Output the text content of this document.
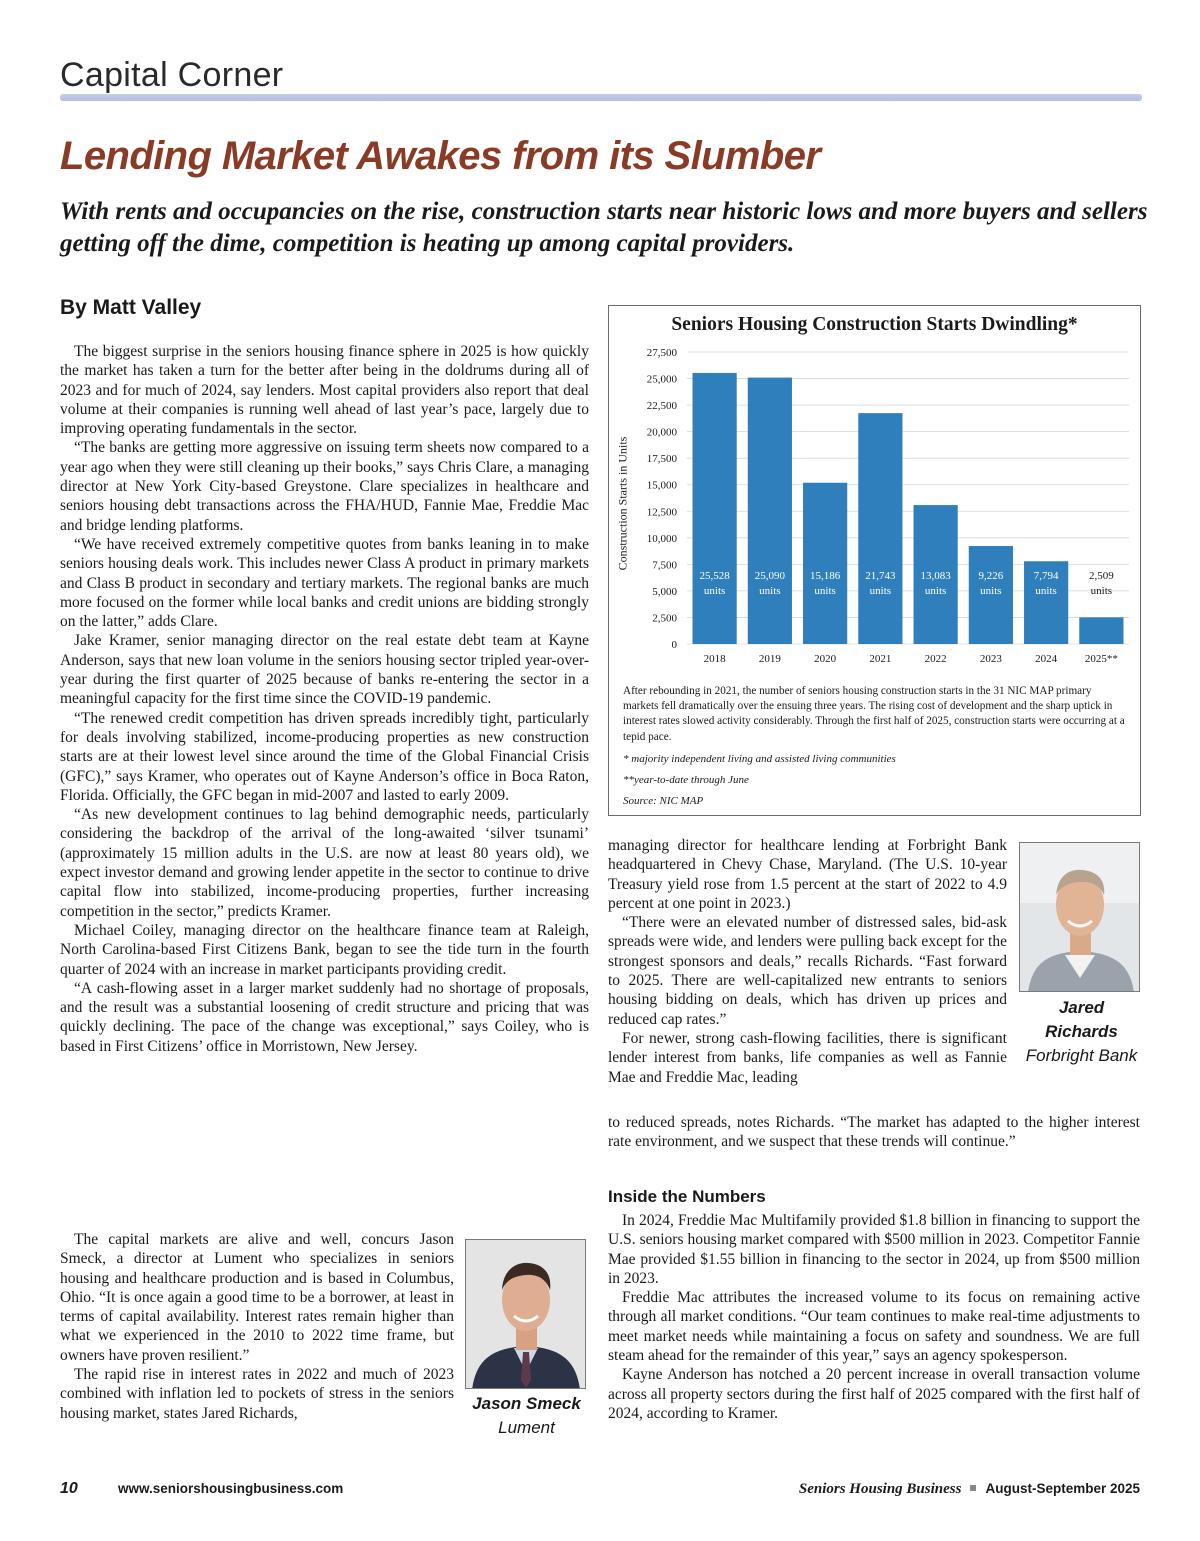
Capital Corner
Lending Market Awakes from its Slumber
With rents and occupancies on the rise, construction starts near historic lows and more buyers and sellers getting off the dime, competition is heating up among capital providers.
By Matt Valley

The biggest surprise in the seniors housing finance sphere in 2025 is how quickly the market has taken a turn for the better after being in the doldrums during all of 2023 and for much of 2024, say lenders. Most capital providers also report that deal volume at their companies is running well ahead of last year’s pace, largely due to improving operating fundamentals in the sector.

“The banks are getting more aggressive on issuing term sheets now compared to a year ago when they were still cleaning up their books,” says Chris Clare, a managing director at New York City-based Greystone. Clare specializes in healthcare and seniors housing debt transactions across the FHA/HUD, Fannie Mae, Freddie Mac and bridge lending platforms.

“We have received extremely competitive quotes from banks leaning in to make seniors housing deals work. This includes newer Class A product in primary markets and Class B product in secondary and tertiary markets. The regional banks are much more focused on the former while local banks and credit unions are bidding strongly on the latter,” adds Clare.

Jake Kramer, senior managing director on the real estate debt team at Kayne Anderson, says that new loan volume in the seniors housing sector tripled year-over-year during the first quarter of 2025 because of banks re-entering the sector in a meaningful capacity for the first time since the COVID-19 pandemic.

“The renewed credit competition has driven spreads incredibly tight, particularly for deals involving stabilized, income-producing properties as new construction starts are at their lowest level since around the time of the Global Financial Crisis (GFC),” says Kramer, who operates out of Kayne Anderson’s office in Boca Raton, Florida. Officially, the GFC began in mid-2007 and lasted to early 2009.

“As new development continues to lag behind demographic needs, particularly considering the backdrop of the arrival of the long-awaited ‘silver tsunami’ (approximately 15 million adults in the U.S. are now at least 80 years old), we expect investor demand and growing lender appetite in the sector to continue to drive capital flow into stabilized, income-producing properties, further increasing competition in the sector,” predicts Kramer.

Michael Coiley, managing director on the healthcare finance team at Raleigh, North Carolina-based First Citizens Bank, began to see the tide turn in the fourth quarter of 2024 with an increase in market participants providing credit.

“A cash-flowing asset in a larger market suddenly had no shortage of proposals, and the result was a substantial loosening of credit structure and pricing that was quickly declining. The pace of the change was exceptional,” says Coiley, who is based in First Citizens’ office in Morristown, New Jersey.

The capital markets are alive and well, concurs Jason Smeck, a director at Lument who specializes in seniors housing and healthcare production and is based in Columbus, Ohio. “It is once again a good time to be a borrower, at least in terms of capital availability. Interest rates remain higher than what we experienced in the 2010 to 2022 time frame, but owners have proven resilient.”

The rapid rise in interest rates in 2022 and much of 2023 combined with inflation led to pockets of stress in the seniors housing market, states Jared Richards,

Seniors Housing Construction Starts Dwindling*
Construction Starts in Units
0
2,500
5,000
7,500
10,000
12,500
15,000
17,500
20,000
22,500
25,000
27,500
25,528
units
2018
25,090
units
2019
15,186
units
2020
21,743
units
2021
13,083
units
2022
9,226
units
2023
7,794
units
2024
2,509
units
2025**
After rebounding in 2021, the number of seniors housing construction starts in the 31 NIC MAP primary markets fell dramatically over the ensuing three years. The rising cost of development and the sharp uptick in interest rates slowed activity considerably. Through the first half of 2025, construction starts were occurring at a tepid pace.
* majority independent living and assisted living communities
**year-to-date through June
Source: NIC MAP

managing director for healthcare lending at Forbright Bank headquartered in Chevy Chase, Maryland. (The U.S. 10-year Treasury yield rose from 1.5 percent at the start of 2022 to 4.9 percent at one point in 2023.)

“There were an elevated number of distressed sales, bid-ask spreads were wide, and lenders were pulling back except for the strongest sponsors and deals,” recalls Richards. “Fast forward to 2025. There are well-capitalized new entrants to seniors housing bidding on deals, which has driven up prices and reduced cap rates.”

For newer, strong cash-flowing facilities, there is significant lender interest from banks, life companies as well as Fannie Mae and Freddie Mac, leading

to reduced spreads, notes Richards. “The market has adapted to the higher interest rate environment, and we suspect that these trends will continue.”

Inside the Numbers

In 2024, Freddie Mac Multifamily provided $1.8 billion in financing to support the U.S. seniors housing market compared with $500 million in 2023. Competitor Fannie Mae provided $1.55 billion in financing to the sector in 2024, up from $500 million in 2023.

Freddie Mac attributes the increased volume to its focus on remaining active through all market conditions. “Our team continues to make real-time adjustments to meet market needs while maintaining a focus on safety and soundness. We are full steam ahead for the remainder of this year,” says an agency spokesperson.

Kayne Anderson has notched a 20 percent increase in overall transaction volume across all property sectors during the first half of 2025 compared with the first half of 2024, according to Kramer.

Jared
Richards
Forbright Bank
Jason Smeck
Lument
10	www.seniorshousingbusiness.com	Seniors Housing Business August-September 2025
